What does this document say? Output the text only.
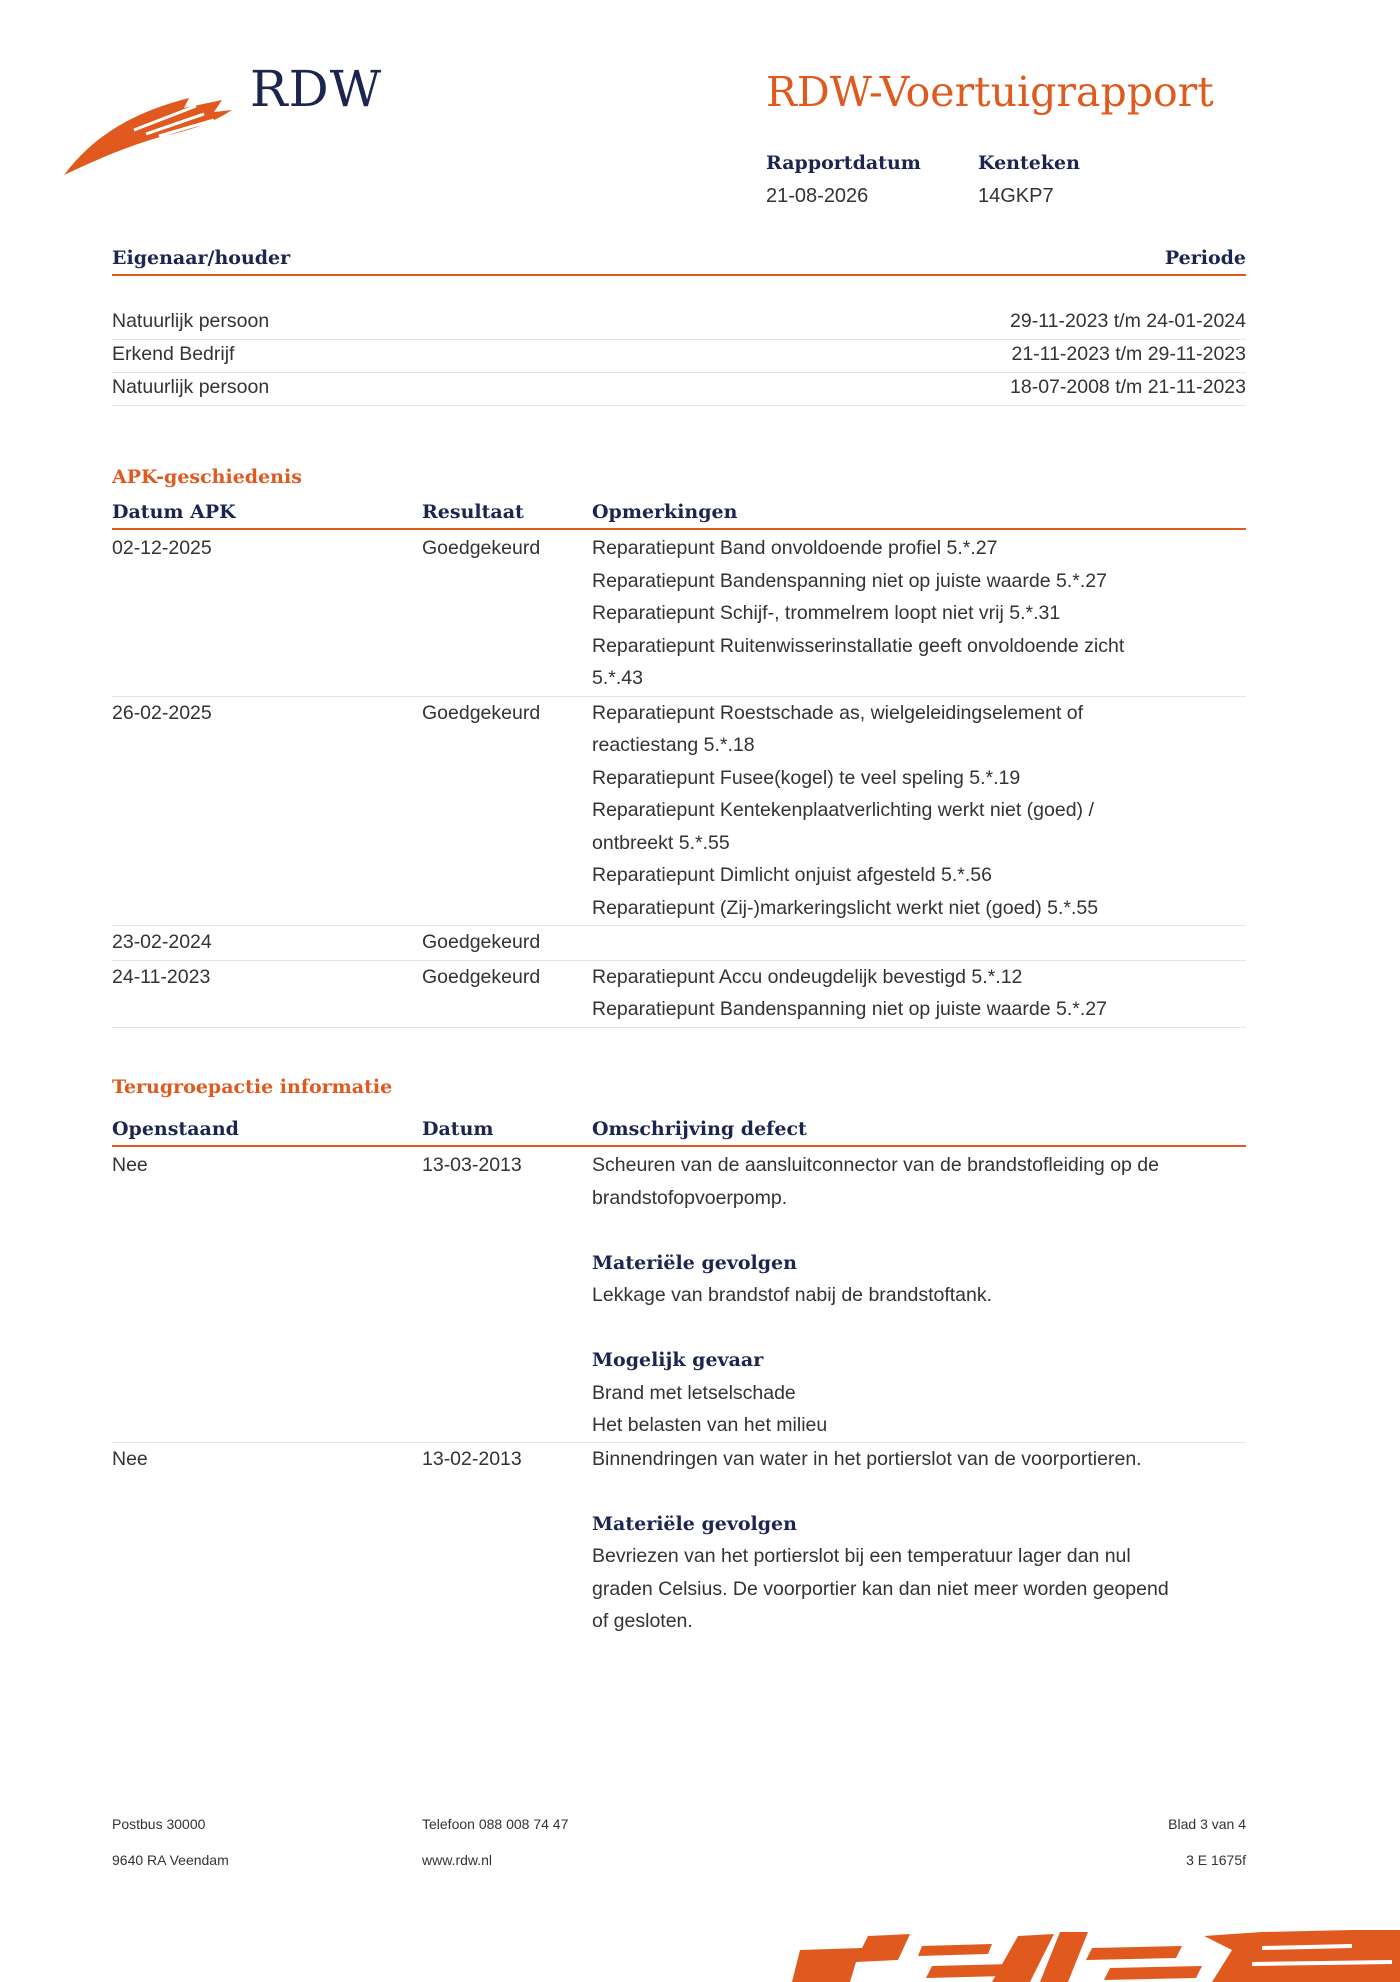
RDW	RDW-Voertuigrapport
Rapportdatum
21-08-2026
Kenteken
14GKP7
Eigenaar/houder	Periode
Natuurlijk persoon	29-11-2023 t/m 24-01-2024
Erkend Bedrijf	21-11-2023 t/m 29-11-2023
Natuurlijk persoon	18-07-2008 t/m 21-11-2023
APK-geschiedenis
Datum APK	Resultaat	Opmerkingen
02-12-2025	Goedgekeurd	Reparatiepunt Band onvoldoende profiel 5.*.27
Reparatiepunt Bandenspanning niet op juiste waarde 5.*.27
Reparatiepunt Schijf-, trommelrem loopt niet vrij 5.*.31
Reparatiepunt Ruitenwisserinstallatie geeft onvoldoende zicht
5.*.43
26-02-2025	Goedgekeurd	Reparatiepunt Roestschade as, wielgeleidingselement of
reactiestang 5.*.18
Reparatiepunt Fusee(kogel) te veel speling 5.*.19
Reparatiepunt Kentekenplaatverlichting werkt niet (goed) /
ontbreekt 5.*.55
Reparatiepunt Dimlicht onjuist afgesteld 5.*.56
Reparatiepunt (Zij-)markeringslicht werkt niet (goed) 5.*.55
23-02-2024	Goedgekeurd
24-11-2023	Goedgekeurd	Reparatiepunt Accu ondeugdelijk bevestigd 5.*.12
Reparatiepunt Bandenspanning niet op juiste waarde 5.*.27
Terugroepactie informatie
Openstaand	Datum	Omschrijving defect
Nee	13-03-2013	Scheuren van de aansluitconnector van de brandstofleiding op de
brandstofopvoerpomp.
Materiële gevolgen
Lekkage van brandstof nabij de brandstoftank.
Mogelijk gevaar
Brand met letselschade
Het belasten van het milieu
Nee	13-02-2013	Binnendringen van water in het portierslot van de voorportieren.
Materiële gevolgen
Bevriezen van het portierslot bij een temperatuur lager dan nul
graden Celsius. De voorportier kan dan niet meer worden geopend
of gesloten.
Postbus 30000
9640 RA Veendam
Telefoon 088 008 74 47
www.rdw.nl
Blad 3 van 4
3 E 1675f
